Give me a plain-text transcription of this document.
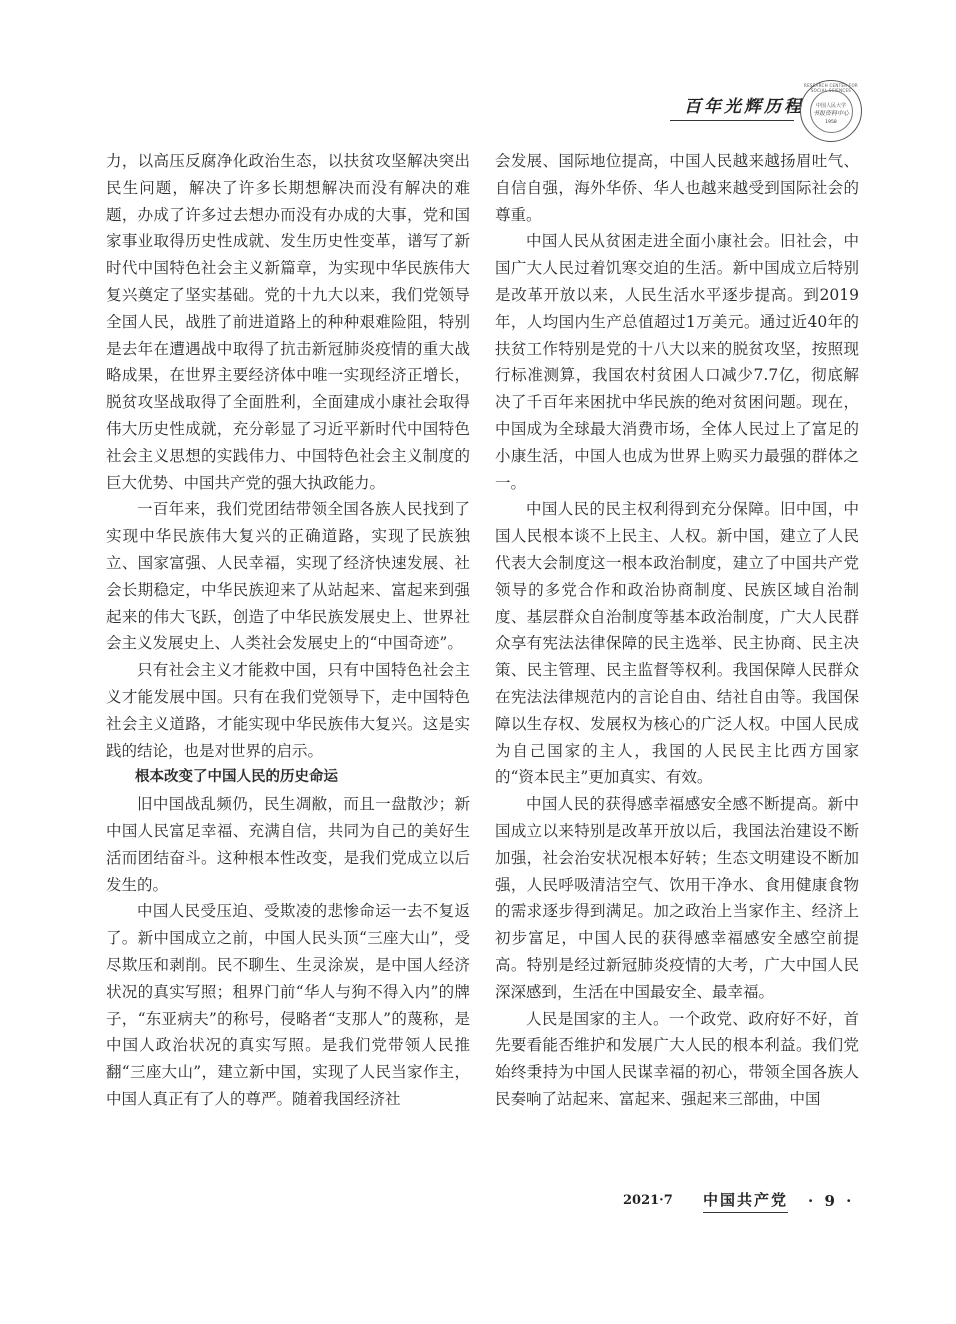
百年光辉历程
RESEARCH CENTER FOR SOCIAL SCIENCES
中国人民大学
书报资料中心
1958

力，以高压反腐净化政治生态，以扶贫攻坚解决突出民生问题，解决了许多长期想解决而没有解决的难题，办成了许多过去想办而没有办成的大事，党和国家事业取得历史性成就、发生历史性变革，谱写了新时代中国特色社会主义新篇章，为实现中华民族伟大复兴奠定了坚实基础。党的十九大以来，我们党领导全国人民，战胜了前进道路上的种种艰难险阻，特别是去年在遭遇战中取得了抗击新冠肺炎疫情的重大战略成果，在世界主要经济体中唯一实现经济正增长，脱贫攻坚战取得了全面胜利，全面建成小康社会取得伟大历史性成就，充分彰显了习近平新时代中国特色社会主义思想的实践伟力、中国特色社会主义制度的巨大优势、中国共产党的强大执政能力。

一百年来，我们党团结带领全国各族人民找到了实现中华民族伟大复兴的正确道路，实现了民族独立、国家富强、人民幸福，实现了经济快速发展、社会长期稳定，中华民族迎来了从站起来、富起来到强起来的伟大飞跃，创造了中华民族发展史上、世界社会主义发展史上、人类社会发展史上的“中国奇迹”。

只有社会主义才能救中国，只有中国特色社会主义才能发展中国。只有在我们党领导下，走中国特色社会主义道路，才能实现中华民族伟大复兴。这是实践的结论，也是对世界的启示。

根本改变了中国人民的历史命运

旧中国战乱频仍，民生凋敝，而且一盘散沙；新中国人民富足幸福、充满自信，共同为自己的美好生活而团结奋斗。这种根本性改变，是我们党成立以后发生的。

中国人民受压迫、受欺凌的悲惨命运一去不复返了。新中国成立之前，中国人民头顶“三座大山”，受尽欺压和剥削。民不聊生、生灵涂炭，是中国人经济状况的真实写照；租界门前“华人与狗不得入内”的牌子，“东亚病夫”的称号，侵略者“支那人”的蔑称，是中国人政治状况的真实写照。是我们党带领人民推翻“三座大山”，建立新中国，实现了人民当家作主，中国人真正有了人的尊严。随着我国经济社

会发展、国际地位提高，中国人民越来越扬眉吐气、自信自强，海外华侨、华人也越来越受到国际社会的尊重。

中国人民从贫困走进全面小康社会。旧社会，中国广大人民过着饥寒交迫的生活。新中国成立后特别是改革开放以来，人民生活水平逐步提高。到2019年，人均国内生产总值超过1万美元。通过近40年的扶贫工作特别是党的十八大以来的脱贫攻坚，按照现行标准测算，我国农村贫困人口减少7.7亿，彻底解决了千百年来困扰中华民族的绝对贫困问题。现在，中国成为全球最大消费市场，全体人民过上了富足的小康生活，中国人也成为世界上购买力最强的群体之一。

中国人民的民主权利得到充分保障。旧中国，中国人民根本谈不上民主、人权。新中国，建立了人民代表大会制度这一根本政治制度，建立了中国共产党领导的多党合作和政治协商制度、民族区域自治制度、基层群众自治制度等基本政治制度，广大人民群众享有宪法法律保障的民主选举、民主协商、民主决策、民主管理、民主监督等权利。我国保障人民群众在宪法法律规范内的言论自由、结社自由等。我国保障以生存权、发展权为核心的广泛人权。中国人民成为自己国家的主人，我国的人民民主比西方国家的“资本民主”更加真实、有效。

中国人民的获得感幸福感安全感不断提高。新中国成立以来特别是改革开放以后，我国法治建设不断加强，社会治安状况根本好转；生态文明建设不断加强，人民呼吸清洁空气、饮用干净水、食用健康食物的需求逐步得到满足。加之政治上当家作主、经济上初步富足，中国人民的获得感幸福感安全感空前提高。特别是经过新冠肺炎疫情的大考，广大中国人民深深感到，生活在中国最安全、最幸福。

人民是国家的主人。一个政党、政府好不好，首先要看能否维护和发展广大人民的根本利益。我们党始终秉持为中国人民谋幸福的初心，带领全国各族人民奏响了站起来、富起来、强起来三部曲，中国

2021·7 中国共产党 · 9 ·
